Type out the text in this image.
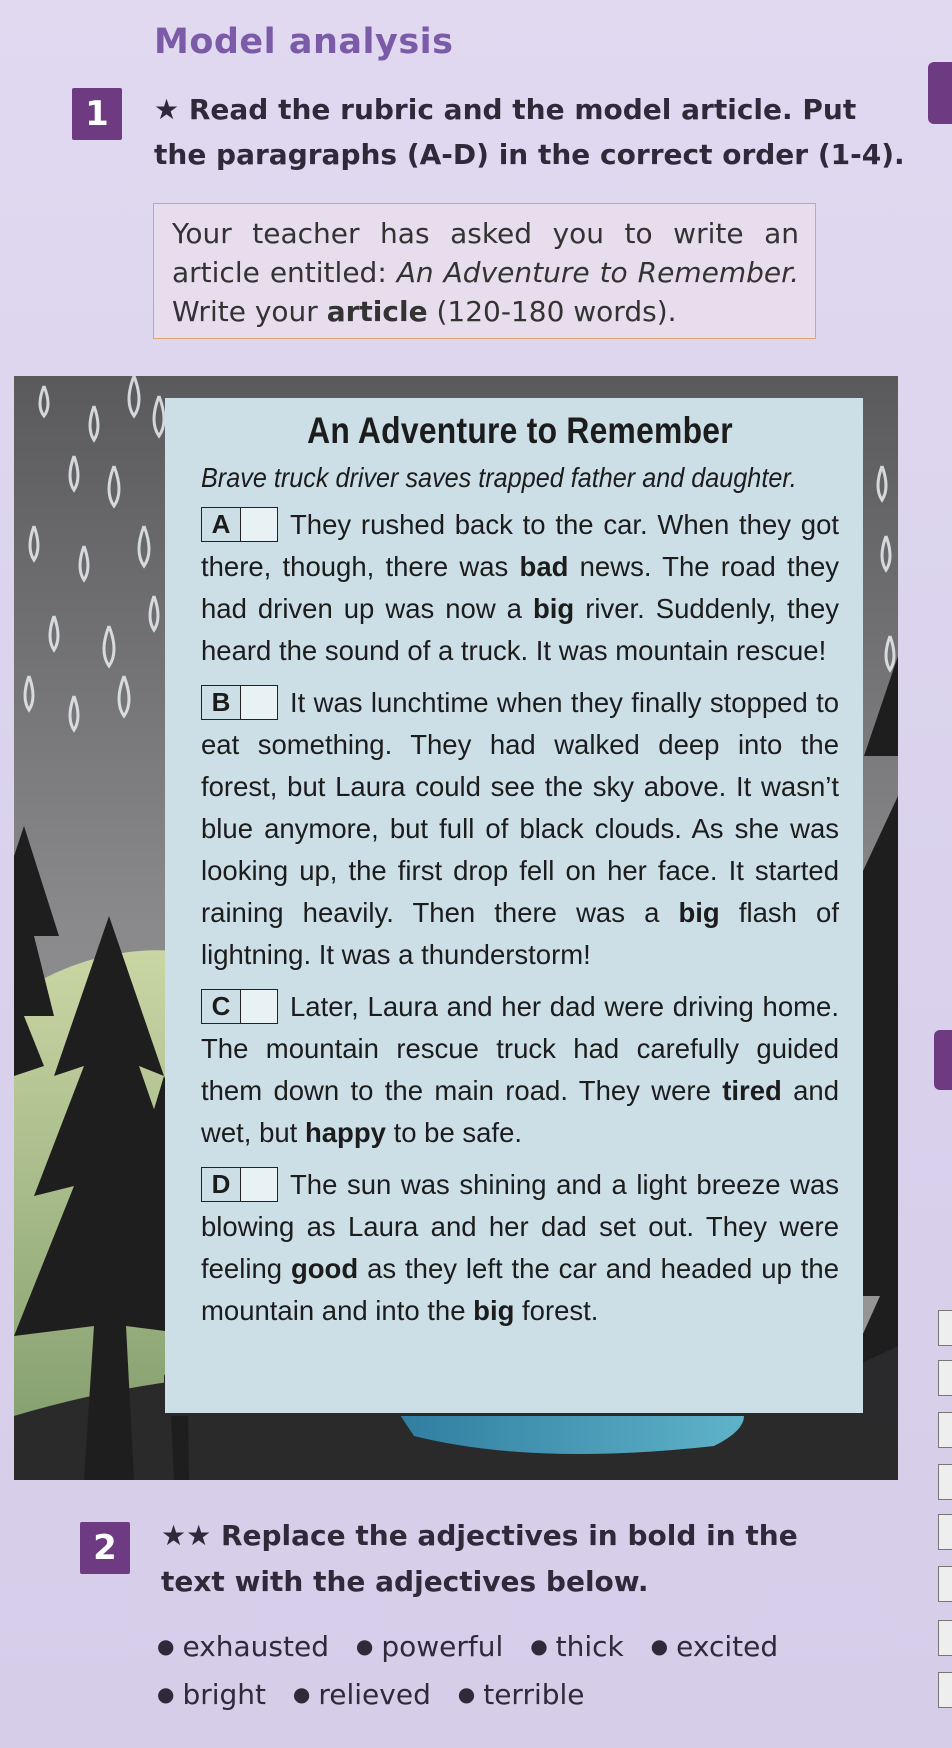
Model analysis
1	★ Read the rubric and the model article. Put
the paragraphs (A-D) in the correct order (1-4).
Your teacher has asked you to write an article entitled: An Adventure to Remember. Write your article (120-180 words).
An Adventure to Remember
Brave truck driver saves trapped father and daughter.
A	They rushed back to the car. When they got there, though, there was bad news. The road they had driven up was now a big river. Suddenly, they heard the sound of a truck. It was mountain rescue!
B	It was lunchtime when they finally stopped to eat something. They had walked deep into the forest, but Laura could see the sky above. It wasn’t blue anymore, but full of black clouds. As she was looking up, the first drop fell on her face. It started raining heavily. Then there was a big flash of lightning. It was a thunderstorm!
C	Later, Laura and her dad were driving home. The mountain rescue truck had carefully guided them down to the main road. They were tired and wet, but happy to be safe.
D	The sun was shining and a light breeze was blowing as Laura and her dad set out. They were feeling good as they left the car and headed up the mountain and into the big forest.
2	★★ Replace the adjectives in bold in the
text with the adjectives below.
● exhausted ● powerful ● thick ● excited
● bright ● relieved ● terrible
